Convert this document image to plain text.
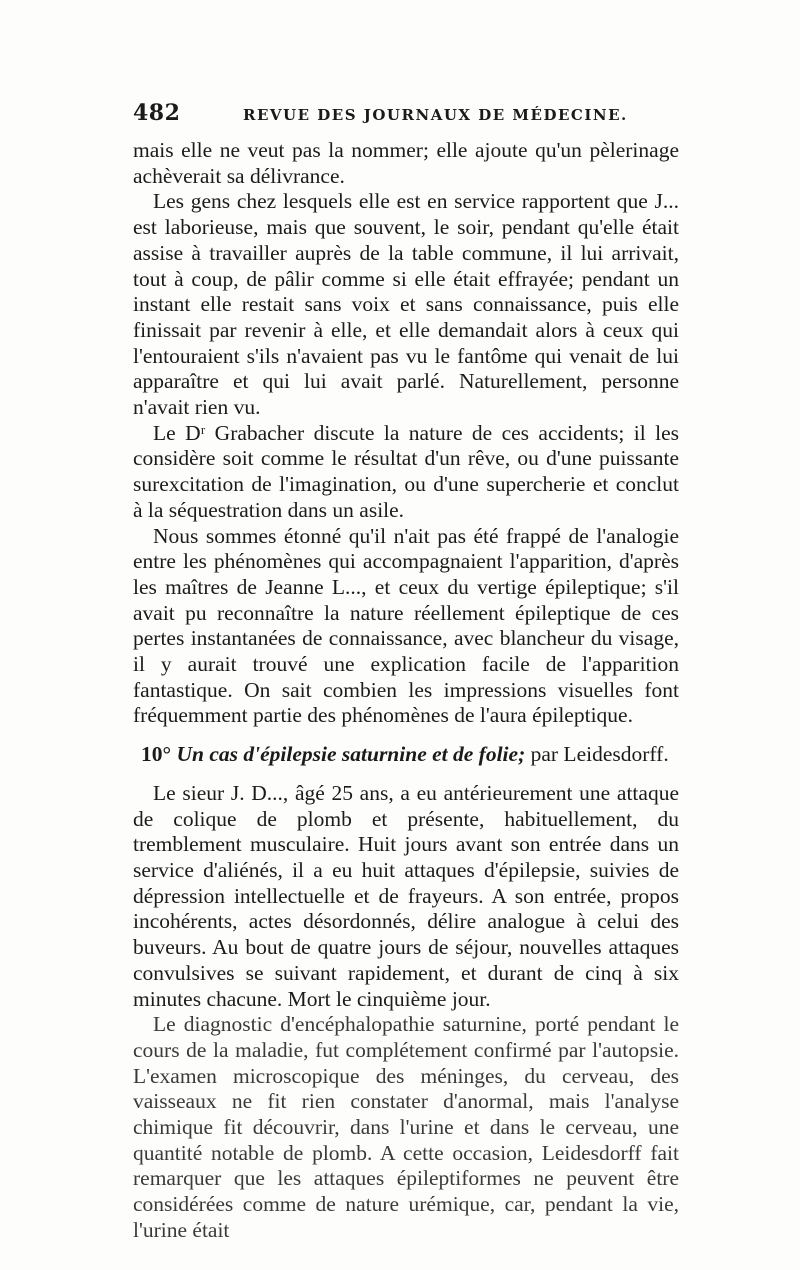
482	REVUE DES JOURNAUX DE MÉDECINE.

mais elle ne veut pas la nommer; elle ajoute qu'un pèlerinage achèverait sa délivrance.

Les gens chez lesquels elle est en service rapportent que J... est laborieuse, mais que souvent, le soir, pendant qu'elle était assise à travailler auprès de la table commune, il lui arrivait, tout à coup, de pâlir comme si elle était effrayée; pendant un instant elle restait sans voix et sans connaissance, puis elle finissait par revenir à elle, et elle demandait alors à ceux qui l'entouraient s'ils n'avaient pas vu le fantôme qui venait de lui apparaître et qui lui avait parlé. Naturellement, personne n'avait rien vu.

Le Dʳ Grabacher discute la nature de ces accidents; il les considère soit comme le résultat d'un rêve, ou d'une puissante surexcitation de l'imagination, ou d'une supercherie et conclut à la séquestration dans un asile.

Nous sommes étonné qu'il n'ait pas été frappé de l'analogie entre les phénomènes qui accompagnaient l'apparition, d'après les maîtres de Jeanne L..., et ceux du vertige épileptique; s'il avait pu reconnaître la nature réellement épileptique de ces pertes instantanées de connaissance, avec blancheur du visage, il y aurait trouvé une explication facile de l'apparition fantastique. On sait combien les impressions visuelles font fréquemment partie des phénomènes de l'aura épileptique.

10° Un cas d'épilepsie saturnine et de folie; par Leidesdorff.

Le sieur J. D..., âgé 25 ans, a eu antérieurement une attaque de colique de plomb et présente, habituellement, du tremblement musculaire. Huit jours avant son entrée dans un service d'aliénés, il a eu huit attaques d'épilepsie, suivies de dépression intellectuelle et de frayeurs. A son entrée, propos incohérents, actes désordonnés, délire analogue à celui des buveurs. Au bout de quatre jours de séjour, nouvelles attaques convulsives se suivant rapidement, et durant de cinq à six minutes chacune. Mort le cinquième jour.

Le diagnostic d'encéphalopathie saturnine, porté pendant le cours de la maladie, fut complétement confirmé par l'autopsie. L'examen microscopique des méninges, du cerveau, des vaisseaux ne fit rien constater d'anormal, mais l'analyse chimique fit découvrir, dans l'urine et dans le cerveau, une quantité notable de plomb. A cette occasion, Leidesdorff fait remarquer que les attaques épileptiformes ne peuvent être considérées comme de nature urémique, car, pendant la vie, l'urine était
